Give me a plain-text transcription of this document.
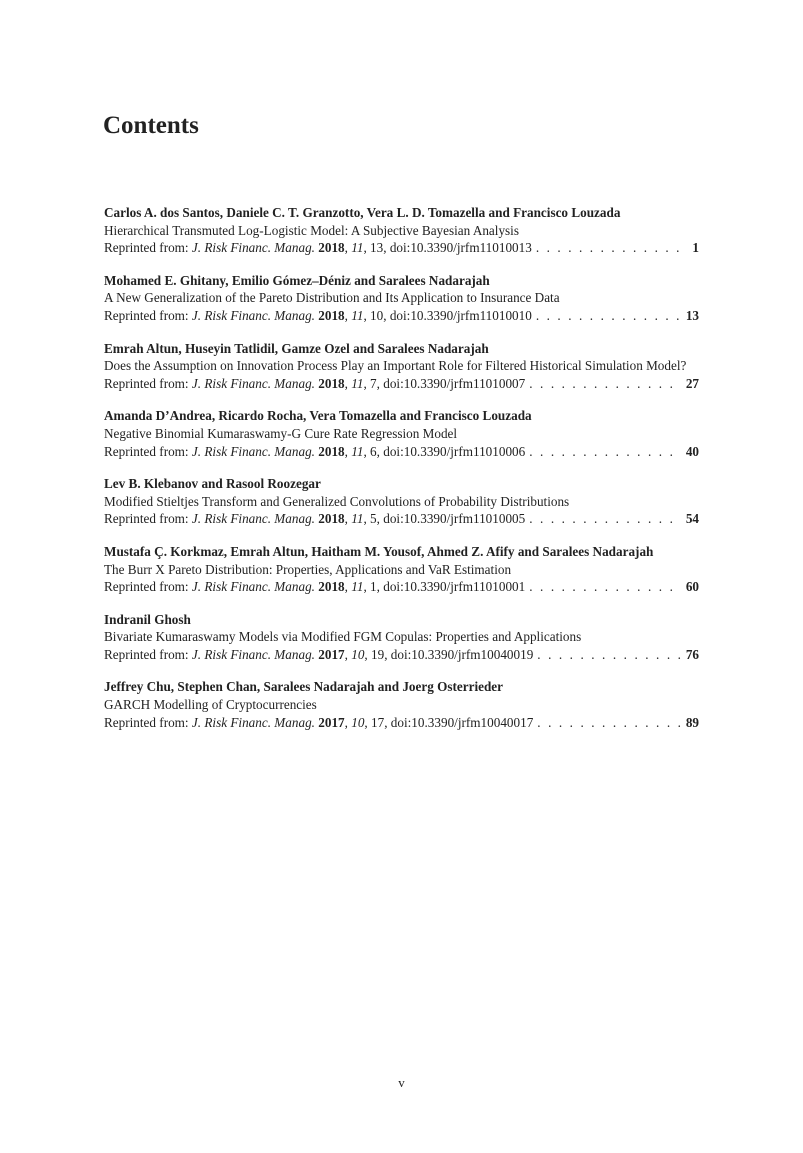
Contents
Carlos A. dos Santos, Daniele C. T. Granzotto, Vera L. D. Tomazella and Francisco Louzada
Hierarchical Transmuted Log-Logistic Model: A Subjective Bayesian Analysis
Reprinted from: J. Risk Financ. Manag. 2018, 11, 13, doi:10.3390/jrfm11010013 . . .	1
Mohamed E. Ghitany, Emilio Gómez–Déniz and Saralees Nadarajah
A New Generalization of the Pareto Distribution and Its Application to Insurance Data
Reprinted from: J. Risk Financ. Manag. 2018, 11, 10, doi:10.3390/jrfm11010010 . . .	13
Emrah Altun, Huseyin Tatlidil, Gamze Ozel and Saralees Nadarajah
Does the Assumption on Innovation Process Play an Important Role for Filtered Historical Simulation Model?
Reprinted from: J. Risk Financ. Manag. 2018, 11, 7, doi:10.3390/jrfm11010007 . . .	27
Amanda D’Andrea, Ricardo Rocha, Vera Tomazella and Francisco Louzada
Negative Binomial Kumaraswamy-G Cure Rate Regression Model
Reprinted from: J. Risk Financ. Manag. 2018, 11, 6, doi:10.3390/jrfm11010006 . . .	40
Lev B. Klebanov and Rasool Roozegar
Modified Stieltjes Transform and Generalized Convolutions of Probability Distributions
Reprinted from: J. Risk Financ. Manag. 2018, 11, 5, doi:10.3390/jrfm11010005 . . .	54
Mustafa Ç. Korkmaz, Emrah Altun, Haitham M. Yousof, Ahmed Z. Afify and Saralees Nadarajah
The Burr X Pareto Distribution: Properties, Applications and VaR Estimation
Reprinted from: J. Risk Financ. Manag. 2018, 11, 1, doi:10.3390/jrfm11010001 . . .	60
Indranil Ghosh
Bivariate Kumaraswamy Models via Modified FGM Copulas: Properties and Applications
Reprinted from: J. Risk Financ. Manag. 2017, 10, 19, doi:10.3390/jrfm10040019 . . .	76
Jeffrey Chu, Stephen Chan, Saralees Nadarajah and Joerg Osterrieder
GARCH Modelling of Cryptocurrencies
Reprinted from: J. Risk Financ. Manag. 2017, 10, 17, doi:10.3390/jrfm10040017 . . .	89
v
